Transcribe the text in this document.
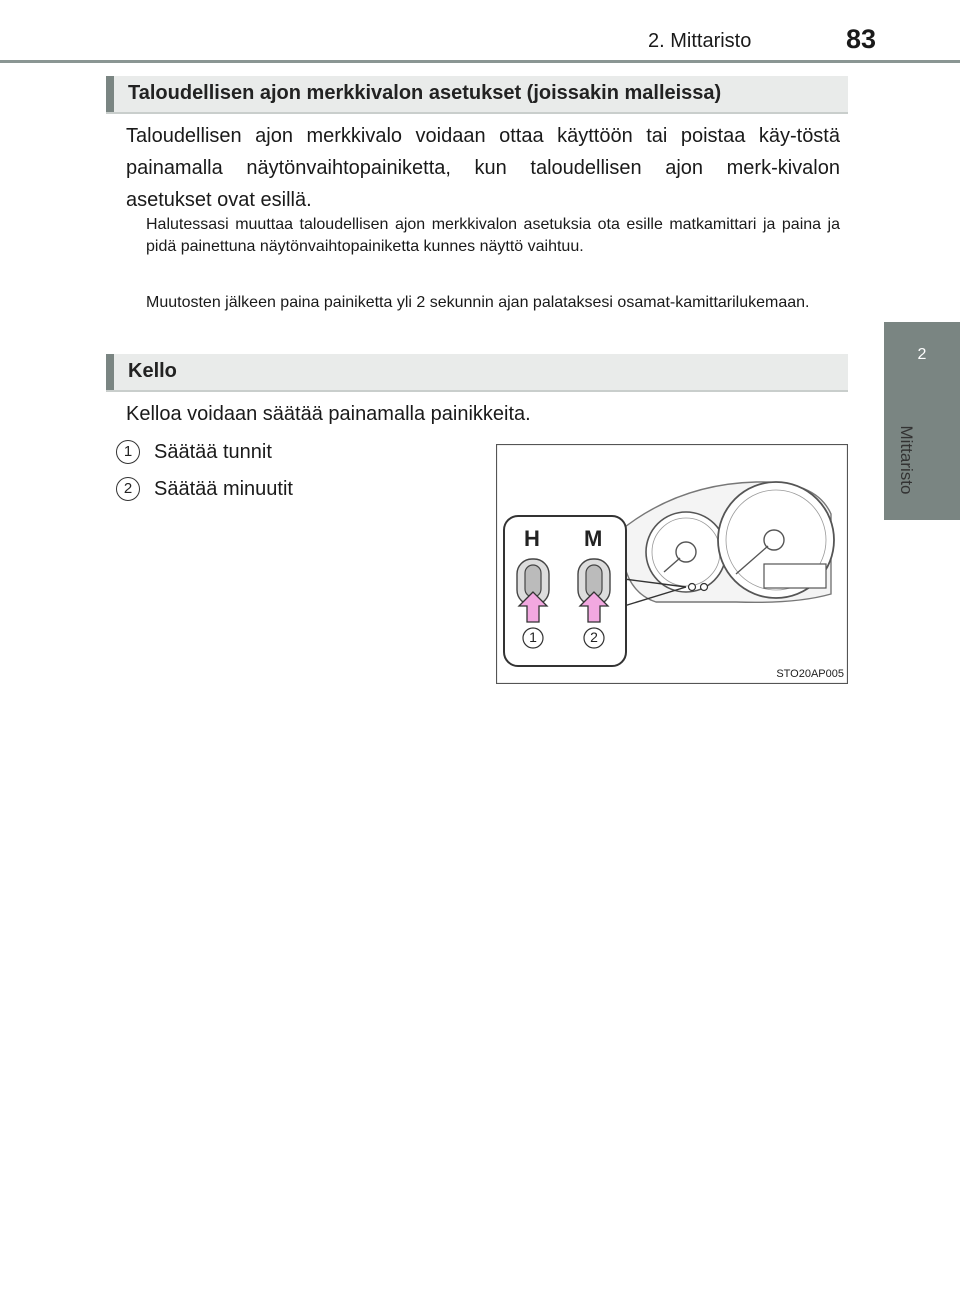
2. Mittaristo	83
2
Mittaristo
Taloudellisen ajon merkkivalon asetukset (joissakin malleissa)
Taloudellisen ajon merkkivalo voidaan ottaa käyttöön tai poistaa käy-töstä painamalla näytönvaihtopainiketta, kun taloudellisen ajon merk-kivalon asetukset ovat esillä.
Halutessasi muuttaa taloudellisen ajon merkkivalon asetuksia ota esille matkamittari ja paina ja pidä painettuna näytönvaihtopainiketta kunnes näyttö vaihtuu.
Muutosten jälkeen paina painiketta yli 2 sekunnin ajan palataksesi osamat-kamittarilukemaan.
Kello
Kelloa voidaan säätää painamalla painikkeita.
1	Säätää tunnit
2	Säätää minuutit
H M
1	2
STO20AP005
